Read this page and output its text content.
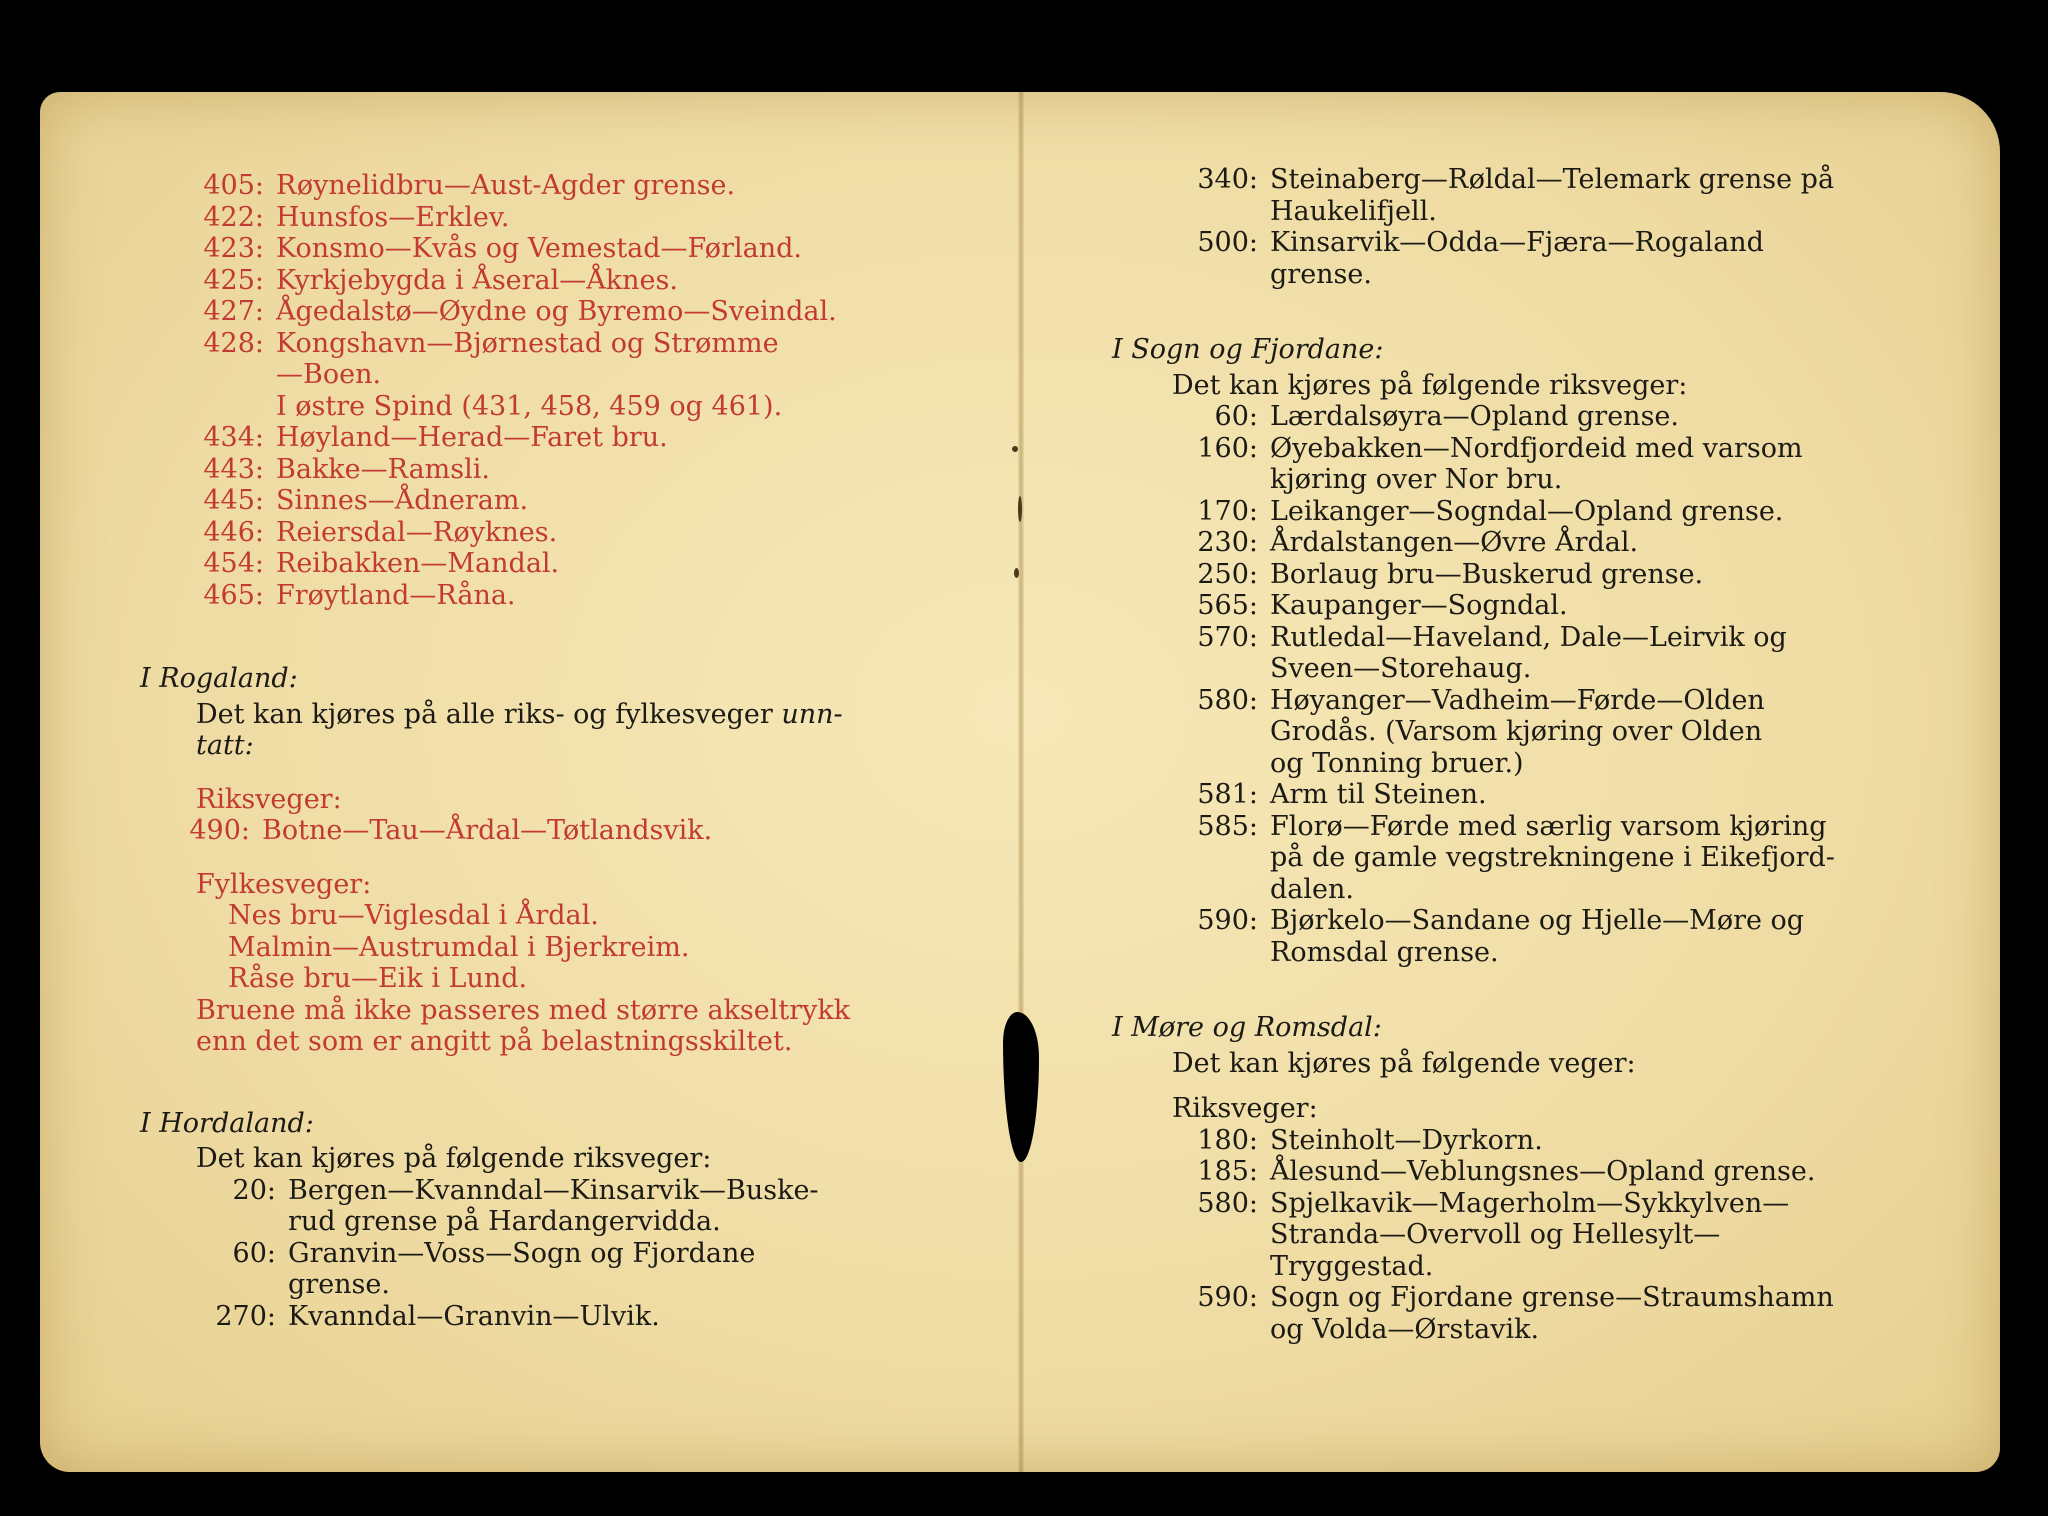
405 : Røynelidbru—Aust-Agder grense.
422 : Hunsfos—Erklev.
423 : Konsmo—Kvås og Vemestad—Førland.
425 : Kyrkjebygda i Åseral—Åknes.
427 : Ågedalstø—Øydne og Byremo—Sveindal.
428 : Kongshavn—Bjørnestad og Strømme
—Boen.
I østre Spind (431, 458, 459 og 461).
434 : Høyland—Herad—Faret bru.
443 : Bakke—Ramsli.
445 : Sinnes—Ådneram.
446 : Reiersdal—Røyknes.
454 : Reibakken—Mandal.
465 : Frøytland—Råna.
I Rogaland:
Det kan kjøres på alle riks- og fylkesveger unn-
tatt:
Riksveger:
490 : Botne—Tau—Årdal—Tøtlandsvik.
Fylkesveger:
Nes bru—Viglesdal i Årdal.
Malmin—Austrumdal i Bjerkreim.
Råse bru—Eik i Lund.
Bruene må ikke passeres med større akseltrykk
enn det som er angitt på belastningsskiltet.
I Hordaland:
Det kan kjøres på følgende riksveger:
20 : Bergen—Kvanndal—Kinsarvik—Buske-
rud grense på Hardangervidda.
60 : Granvin—Voss—Sogn og Fjordane
grense.
270 : Kvanndal—Granvin—Ulvik.
340 : Steinaberg—Røldal—Telemark grense på
Haukelifjell.
500 : Kinsarvik—Odda—Fjæra—Rogaland
grense.
I Sogn og Fjordane:
Det kan kjøres på følgende riksveger:
60 : Lærdalsøyra—Opland grense.
160 : Øyebakken—Nordfjordeid med varsom
kjøring over Nor bru.
170 : Leikanger—Sogndal—Opland grense.
230 : Årdalstangen—Øvre Årdal.
250 : Borlaug bru—Buskerud grense.
565 : Kaupanger—Sogndal.
570 : Rutledal—Haveland, Dale—Leirvik og
Sveen—Storehaug.
580 : Høyanger—Vadheim—Førde—Olden
Grodås. (Varsom kjøring over Olden
og Tonning bruer.)
581 : Arm til Steinen.
585 : Florø—Førde med særlig varsom kjøring
på de gamle vegstrekningene i Eikefjord-
dalen.
590 : Bjørkelo—Sandane og Hjelle—Møre og
Romsdal grense.
I Møre og Romsdal:
Det kan kjøres på følgende veger:
Riksveger:
180 : Steinholt—Dyrkorn.
185 : Ålesund—Veblungsnes—Opland grense.
580 : Spjelkavik—Magerholm—Sykkylven—
Stranda—Overvoll og Hellesylt—
Tryggestad.
590 : Sogn og Fjordane grense—Straumshamn
og Volda—Ørstavik.
